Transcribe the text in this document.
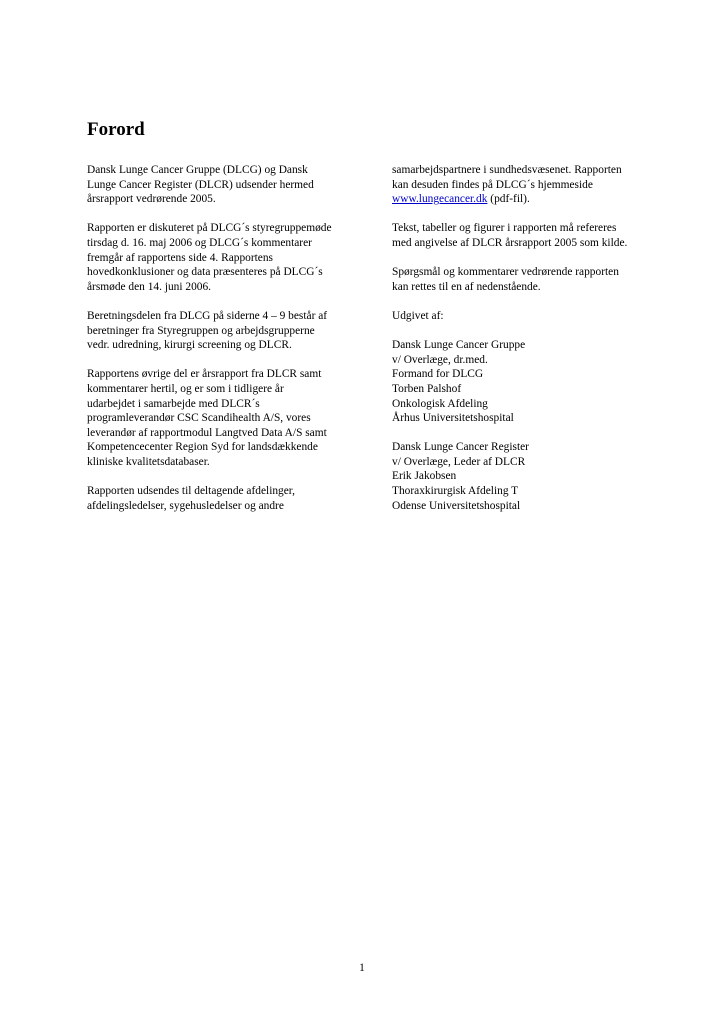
Forord

Dansk Lunge Cancer Gruppe (DLCG) og Dansk
Lunge Cancer Register (DLCR) udsender hermed
årsrapport vedrørende 2005.

Rapporten er diskuteret på DLCG´s styregruppemøde
tirsdag d. 16. maj 2006 og DLCG´s kommentarer
fremgår af rapportens side 4. Rapportens
hovedkonklusioner og data præsenteres på DLCG´s
årsmøde den 14. juni 2006.

Beretningsdelen fra DLCG på siderne 4 – 9 består af
beretninger fra Styregruppen og arbejdsgrupperne
vedr. udredning, kirurgi screening og DLCR.

Rapportens øvrige del er årsrapport fra DLCR samt
kommentarer hertil, og er som i tidligere år
udarbejdet i samarbejde med DLCR´s
programleverandør CSC Scandihealth A/S, vores
leverandør af rapportmodul Langtved Data A/S samt
Kompetencecenter Region Syd for landsdækkende
kliniske kvalitetsdatabaser.

Rapporten udsendes til deltagende afdelinger,
afdelingsledelser, sygehusledelser og andre

samarbejdspartnere i sundhedsvæsenet. Rapporten
kan desuden findes på DLCG´s hjemmeside
www.lungecancer.dk (pdf-fil).

Tekst, tabeller og figurer i rapporten må refereres
med angivelse af DLCR årsrapport 2005 som kilde.

Spørgsmål og kommentarer vedrørende rapporten
kan rettes til en af nedenstående.

Udgivet af:

Dansk Lunge Cancer Gruppe
v/ Overlæge, dr.med.
Formand for DLCG
Torben Palshof
Onkologisk Afdeling
Århus Universitetshospital

Dansk Lunge Cancer Register
v/ Overlæge, Leder af DLCR
Erik Jakobsen
Thoraxkirurgisk Afdeling T
Odense Universitetshospital

1
